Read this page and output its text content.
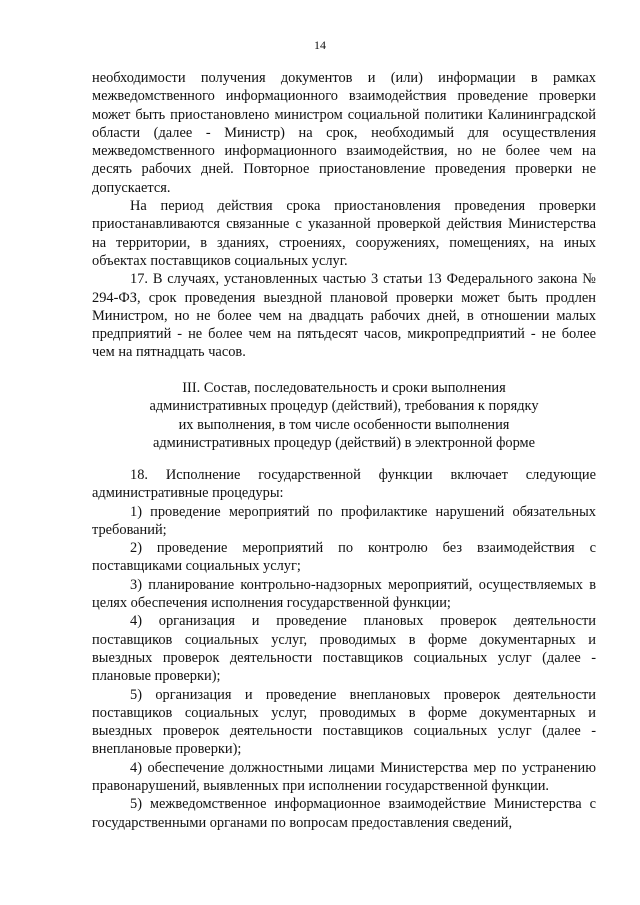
14

необходимости получения документов и (или) информации в рамках межведомственного информационного взаимодействия проведение проверки может быть приостановлено министром социальной политики Калининградской области (далее - Министр) на срок, необходимый для осуществления межведомственного информационного взаимодействия, но не более чем на десять рабочих дней. Повторное приостановление проведения проверки не допускается.

На период действия срока приостановления проведения проверки приостанавливаются связанные с указанной проверкой действия Министерства на территории, в зданиях, строениях, сооружениях, помещениях, на иных объектах поставщиков социальных услуг.

17. В случаях, установленных частью 3 статьи 13 Федерального закона № 294-ФЗ, срок проведения выездной плановой проверки может быть продлен Министром, но не более чем на двадцать рабочих дней, в отношении малых предприятий - не более чем на пятьдесят часов, микропредприятий - не более чем на пятнадцать часов.

III. Состав, последовательность и сроки выполнения
административных процедур (действий), требования к порядку
их выполнения, в том числе особенности выполнения
административных процедур (действий) в электронной форме

18. Исполнение государственной функции включает следующие административные процедуры:

1) проведение мероприятий по профилактике нарушений обязательных требований;

2) проведение мероприятий по контролю без взаимодействия с поставщиками социальных услуг;

3) планирование контрольно-надзорных мероприятий, осуществляемых в целях обеспечения исполнения государственной функции;

4) организация и проведение плановых проверок деятельности поставщиков социальных услуг, проводимых в форме документарных и выездных проверок деятельности поставщиков социальных услуг (далее - плановые проверки);

5) организация и проведение внеплановых проверок деятельности поставщиков социальных услуг, проводимых в форме документарных и выездных проверок деятельности поставщиков социальных услуг (далее - внеплановые проверки);

4) обеспечение должностными лицами Министерства мер по устранению правонарушений, выявленных при исполнении государственной функции.

5) межведомственное информационное взаимодействие Министерства с государственными органами по вопросам предоставления сведений,
